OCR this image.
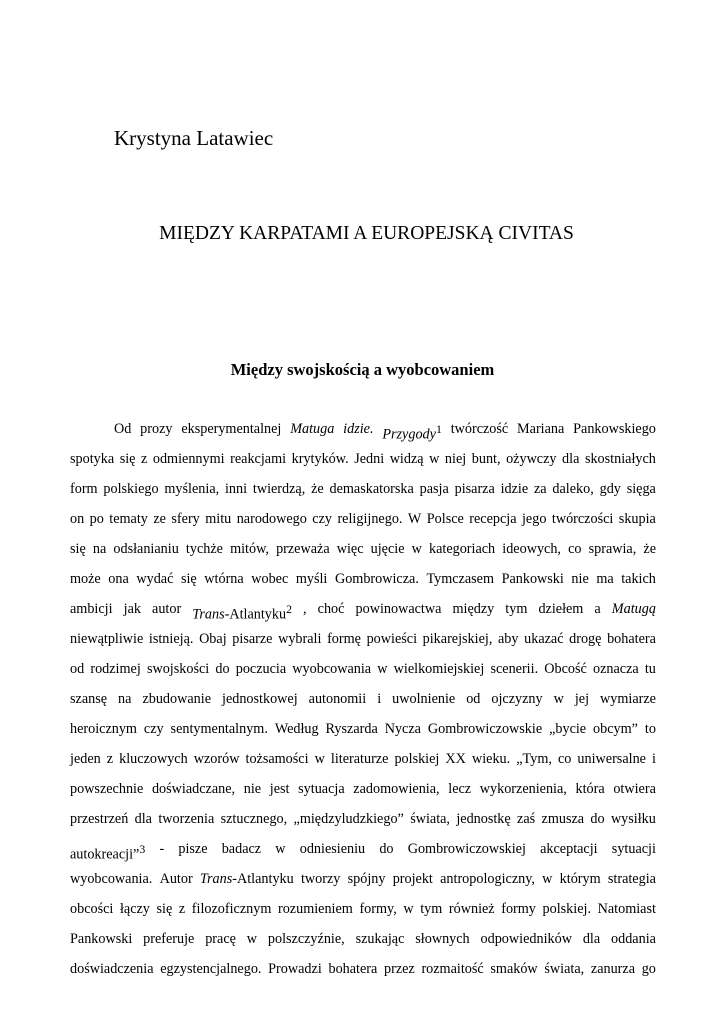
Krystyna Latawiec
MIĘDZY KARPATAMI A EUROPEJSKĄ CIVITAS
Między swojskością a wyobcowaniem
Od prozy eksperymentalnej Matuga idzie. Przygody$^1$ twórczość Mariana Pankowskiego
spotyka się z odmiennymi reakcjami krytyków. Jedni widzą w niej bunt, ożywczy dla skostniałych
form polskiego myślenia, inni twierdzą, że demaskatorska pasja pisarza idzie za daleko, gdy sięga
on po tematy ze sfery mitu narodowego czy religijnego. W Polsce recepcja jego twórczości skupia
się na odsłanianiu tychże mitów, przeważa więc ujęcie w kategoriach ideowych, co sprawia, że
może ona wydać się wtórna wobec myśli Gombrowicza. Tymczasem Pankowski nie ma takich
ambicji jak autor Trans-Atlantyku$^2$ , choć powinowactwa między tym dziełem a Matugą
niewątpliwie istnieją. Obaj pisarze wybrali formę powieści pikarejskiej, aby ukazać drogę bohatera
od rodzimej swojskości do poczucia wyobcowania w wielkomiejskiej scenerii. Obcość oznacza tu
szansę na zbudowanie jednostkowej autonomii i uwolnienie od ojczyzny w jej wymiarze
heroicznym czy sentymentalnym. Według Ryszarda Nycza Gombrowiczowskie „bycie obcym” to
jeden z kluczowych wzorów tożsamości w literaturze polskiej XX wieku. „Tym, co uniwersalne i
powszechnie doświadczane, nie jest sytuacja zadomowienia, lecz wykorzenienia, która otwiera
przestrzeń dla tworzenia sztucznego, „międzyludzkiego” świata, jednostkę zaś zmusza do wysiłku
autokreacji”$^3$ - pisze badacz w odniesieniu do Gombrowiczowskiej akceptacji sytuacji
wyobcowania. Autor Trans-Atlantyku tworzy spójny projekt antropologiczny, w którym strategia
obcości łączy się z filozoficznym rozumieniem formy, w tym również formy polskiej. Natomiast
Pankowski preferuje pracę w polszczyźnie, szukając słownych odpowiedników dla oddania
doświadczenia egzystencjalnego. Prowadzi bohatera przez rozmaitość smaków świata, zanurza go
